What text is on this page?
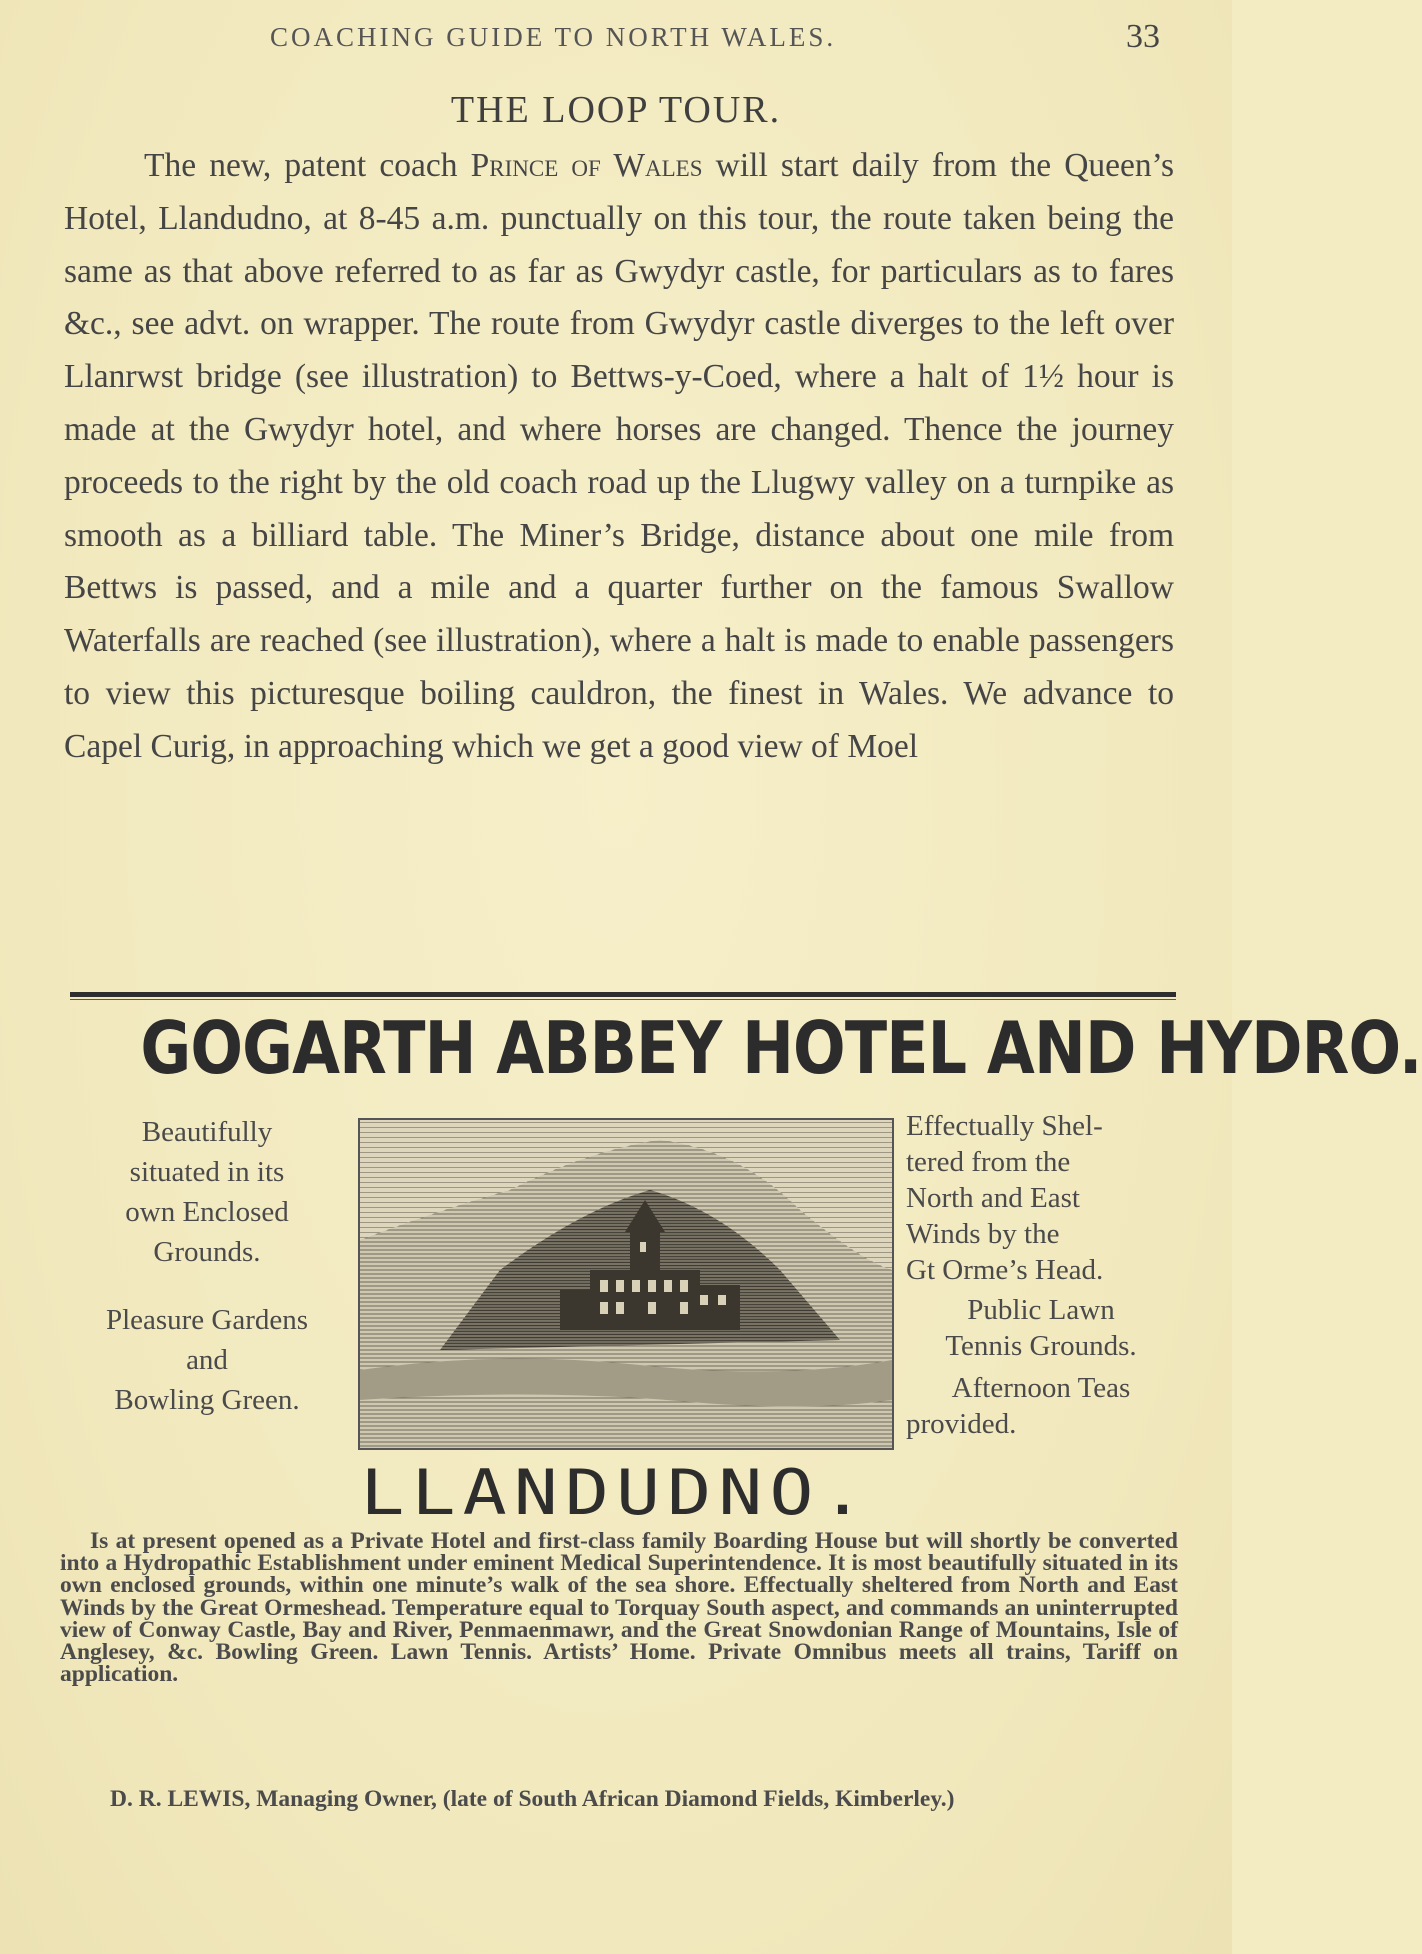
COACHING GUIDE TO NORTH WALES.	33
THE LOOP TOUR.

The new, patent coach Prince of Wales will start daily from the Queen’s Hotel, Llandudno, at 8-45 a.m. punctually on this tour, the route taken being the same as that above referred to as far as Gwydyr castle, for particulars as to fares &c., see advt. on wrapper. The route from Gwydyr castle diverges to the left over Llanrwst bridge (see illustration) to Bettws-y-Coed, where a halt of 1½ hour is made at the Gwydyr hotel, and where horses are changed. Thence the journey proceeds to the right by the old coach road up the Llugwy valley on a turnpike as smooth as a billiard table. The Miner’s Bridge, distance about one mile from Bettws is passed, and a mile and a quarter further on the famous Swallow Waterfalls are reached (see illustration), where a halt is made to enable passengers to view this picturesque boiling cauldron, the finest in Wales. We advance to Capel Curig, in approaching which we get a good view of Moel

GOGARTH ABBEY HOTEL AND HYDRO.
Beautifully
situated in its
own Enclosed
Grounds.
Pleasure Gardens
and
Bowling Green.
Effectually Shel-
tered from the
North and East
Winds by the
Gt Orme’s Head.
Public Lawn
Tennis Grounds.
Afternoon Teas
provided.
LLANDUDNO.

Is at present opened as a Private Hotel and first-class family Boarding House but will shortly be converted into a Hydropathic Establishment under eminent Medical Superintendence. It is most beautifully situated in its own enclosed grounds, within one minute’s walk of the sea shore. Effectually sheltered from North and East Winds by the Great Ormeshead. Temperature equal to Torquay South aspect, and commands an uninterrupted view of Conway Castle, Bay and River, Penmaenmawr, and the Great Snowdonian Range of Mountains, Isle of Anglesey, &c. Bowling Green. Lawn Tennis. Artists’ Home. Private Omnibus meets all trains, Tariff on application.

D. R. LEWIS, Managing Owner, (late of South African Diamond Fields, Kimberley.)
